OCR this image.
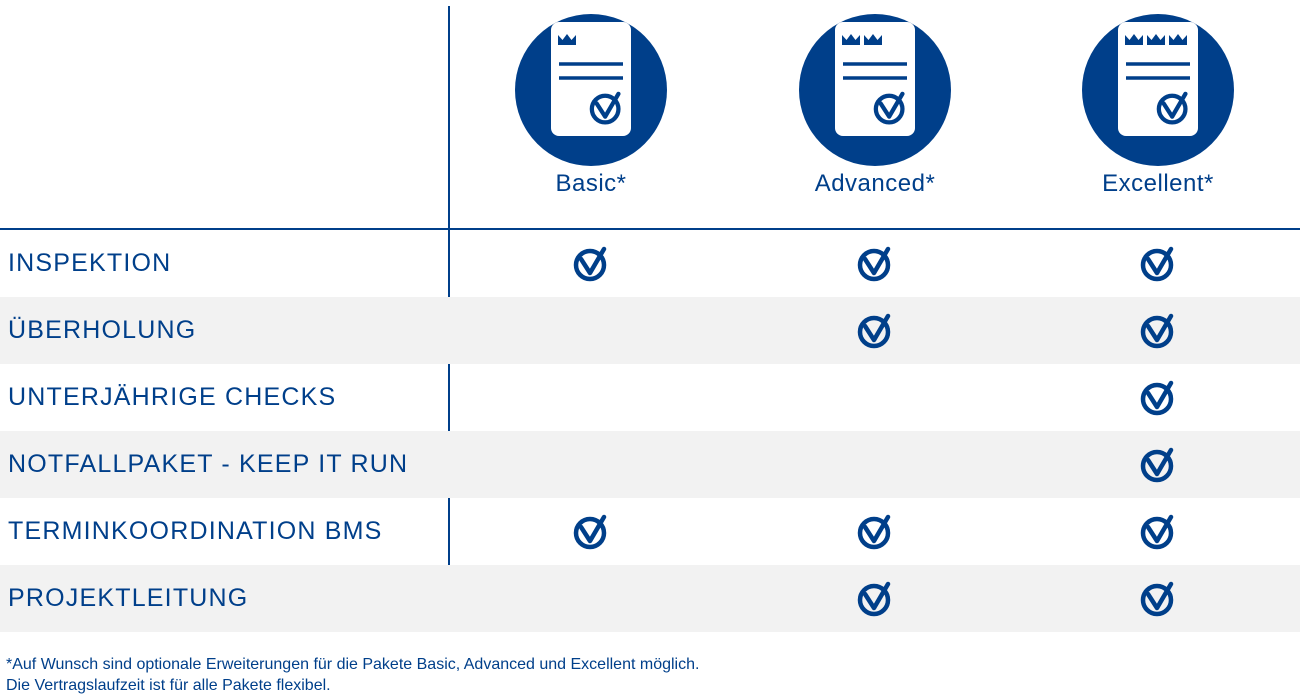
Basic*	Advanced*	Excellent*
INSPEKTION
ÜBERHOLUNG
UNTERJÄHRIGE CHECKS
NOTFALLPAKET - KEEP IT RUN
TERMINKOORDINATION BMS
PROJEKTLEITUNG
*Auf Wunsch sind optionale Erweiterungen für die Pakete Basic, Advanced und Excellent möglich.
Die Vertragslaufzeit ist für alle Pakete flexibel.
